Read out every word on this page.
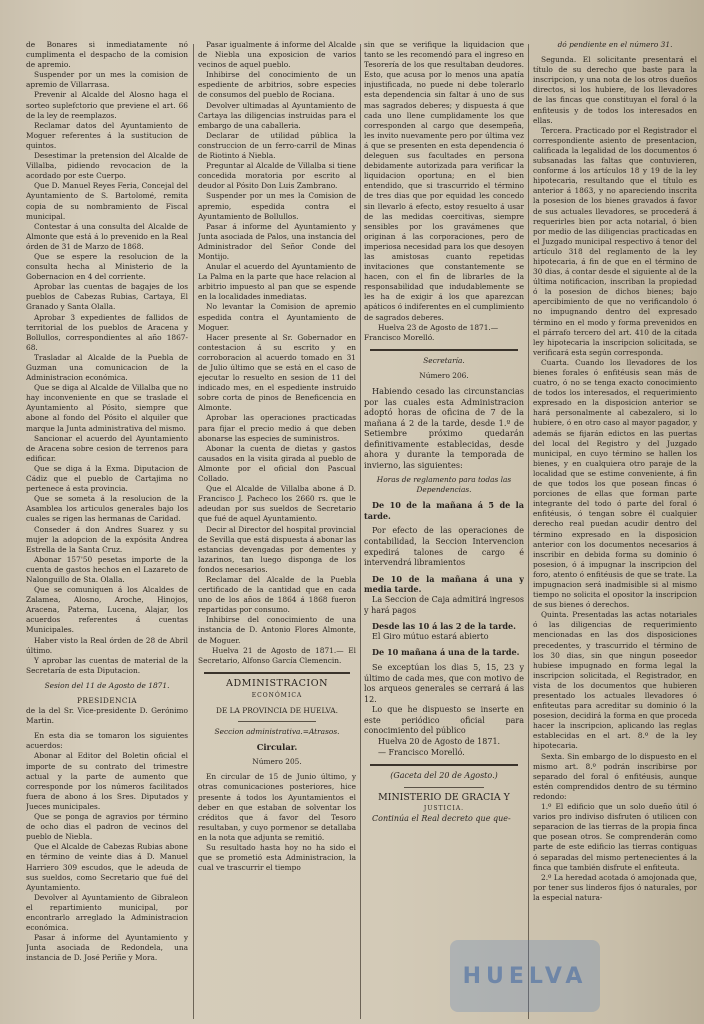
de Bonares si inmediatamente nó cumplimenta el despacho de la comision de apremio.

Suspender por un mes la comision de apremio de Villarrasa.

Prevenir al Alcalde del Alosno haga el sorteo suplefctorio que previene el art. 66 de la ley de reemplazos.

Reclamar datos del Ayuntamiento de Moguer referentes á la sustitucion de quintos.

Desestimar la pretension del Alcalde de Villalba, pidiendo revocacion de la acordado por este Cuerpo.

Que D. Manuel Reyes Feria, Concejal del Ayuntamiento de S. Bartolomé, remita copia de su nombramiento de Fiscal municipal.

Contestar á una consulta del Alcalde de Almonte que está á lo prevenido en la Real órden de 31 de Marzo de 1868.

Que se espere la resolucion de la consulta hecha al Ministerio de la Gobernacion en 4 del corriente.

Aprobar las cuentas de bagajes de los pueblos de Cabezas Rubias, Cartaya, El Granado y Santa Olalla.

Aprobar 3 expedientes de fallidos de territorial de los pueblos de Aracena y Bollullos, correspondientes al año 1867-68.

Trasladar al Alcalde de la Puebla de Guzman una comunicacion de la Administracion económica.

Que se diga al Alcalde de Villalba que no hay inconveniente en que se traslade el Ayuntamiento al Pósito, siempre que abone al fondo del Pósito el alquiler que marque la Junta administrativa del mismo.

Sancionar el acuerdo del Ayuntamiento de Aracena sobre cesion de terrenos para edificar.

Que se diga á la Exma. Diputacion de Cádiz que el pueblo de Cartajima no pertenece á esta provincia.

Que se someta á la resolucion de la Asamblea los articulos generales bajo los cuales se rigen las hermanas de Caridad.

Conseder á don Andres Suarez y su mujer la adopcion de la expósita Andrea Estrella de la Santa Cruz.

Abonar 157'50 pesetas importe de la cuenta de gastos hechos en el Lazareto de Nalonguillo de Sta. Olalla.

Que se comuniquen á los Alcaldes de Zalamea, Alosno, Aroche, Hinojos, Aracena, Paterna, Lucena, Alajar, los acuerdos referentes á cuentas Municipales.

Haber visto la Real órden de 28 de Abril último.

Y aprobar las cuentas de material de la Secretaría de esta Diputacion.

Sesion del 11 de Agosto de 1871.

PRESIDENCIA

de la del Sr. Vice-presidente D. Gerónimo Martin.

En esta dia se tomaron los siguientes acuerdos:

Abonar al Editor del Boletin oficial el importe de su contrato del trimestre actual y la parte de aumento que corresponde por los números facilitados fuera de abono á los Sres. Diputados y Jueces municipales.

Que se ponga de agravios por término de ocho dias el padron de vecinos del pueblo de Niebla.

Que el Alcalde de Cabezas Rubias abone en término de veinte dias á D. Manuel Harriero 309 escudos, que le adeuda de sus sueldos, como Secretario que fué del Ayuntamiento.

Devolver al Ayuntamiento de Gibraleon el repartimiento municipal, por encontrarlo arreglado la Administracion económica.

Pasar á informe del Ayuntamiento y Junta asociada de Redondela, una instancia de D. José Periñe y Mora.

Pasar igualmente á informe del Alcalde de Niebla una exposicion de varios vecinos de aquel pueblo.

Inhibirse del conocimiento de un espediente de arbitrios, sobre especies de consumos del pueblo de Rociana.

Devolver ultimadas al Ayuntamiento de Cartaya las diligencias instruidas para el embargo de una caballeria.

Declarar de utilidad pública la construccion de un ferro-carril de Minas de Riotinto á Niebla.

Preguntar al Alcalde de Villalba si tiene concedida moratoria por escrito al deudor al Pósito Don Luis Zambrano.

Suspender por un mes la Comision de apremio, espedida contra el Ayuntamiento de Bollullos.

Pasar á informe del Ayuntamiento y Junta asociada de Palos, una instancia del Administrador del Señor Conde del Montijo.

Anular el acuerdo del Ayuntamiento de La Palma en la parte que hace relacion al arbitrio impuesto al pan que se espende en la localidades inmediatas.

No levantar la Comision de apremio espedida contra el Ayuntamiento de Moguer.

Hacer presente al Sr. Gobernador en contestacion á su escrito y en corroboracion al acuerdo tomado en 31 de Julio último que se está en el caso de ejecutar lo resuelto en sesion de 11 del indicado mes, en el espediente instruido sobre corta de pinos de Beneficencia en Almonte.

Aprobar las operaciones practicadas para fijar el precio medio á que deben abonarse las especies de suministros.

Abonar la cuenta de dietas y gastos causados en la visita girada al pueblo de Almonte por el oficial don Pascual Collado.

Que el Alcalde de Villalba abone á D. Francisco J. Pacheco los 2660 rs. que le adeudan por sus sueldos de Secretario que fué de aquel Ayuntamiento.

Decir al Director del hospital provincial de Sevilla que está dispuesta á abonar las estancias devengadas por dementes y lazarinos, tan luego disponga de los fondos necesarios.

Reclamar del Alcalde de la Puebla certificado de la cantidad que en cada uno de los años de 1864 á 1868 fueron repartidas por consumo.

Inhibirse del conocimiento de una instancia de D. Antonio Flores Almonte, de Moguer.

Huelva 21 de Agosto de 1871.— El Secretario, Alfonso García Clemencin.

ADMINISTRACION

ECONÓMICA

DE LA PROVINCIA DE HUELVA.

Seccion administrativa.=Atrasos.

Circular.

Número 205.

En circular de 15 de Junio último, y otras comunicaciones posteriores, hice presente á todos los Ayuntamientos el deber en que estaban de solventar los créditos que á favor del Tesoro resultaban, y cuyo pormenor se detallaba en la nota que adjunta se remitió.

Su resultado hasta hoy no ha sido el que se prometió esta Administracion, la cual ve trascurrir el tiempo

sin que se verifique la liquidacion que tanto se les recomendó para el ingreso en Tesorería de los que resultaban deudores. Esto, que acusa por lo menos una apatía injustificada, no puede ni debe tolerarlo esta dependencia sin faltar á uno de sus mas sagrados deberes; y dispuesta á que cada uno llene cumplidamente los que corresponden al cargo que desempeña, les invito nuevamente pero por última vez á que se presenten en esta dependencia ó deleguen sus facultades en persona debidamente autorizada para verificar la liquidacion oportuna; en el bien entendido, que si trascurrido el término de tres dias que por equidad les concedo sin llevarlo á efecto, estoy resuelto á usar de las medidas coercitivas, siempre sensibles por los gravámenes que originan á las corporaciones, pero de imperiosa necesidad para los que desoyen las amistosas cuanto repetidas invitaciones que constantemente se hacen, con el fin de librarles de la responsabilidad que indudablemente se les ha de exigir á los que aparezcan apáticos ó indiferentes en el cumplimiento de sagrados deberes.

Huelva 23 de Agosto de 1871.—

Francisco Morelló.

Secretaría.

Número 206.

Habiendo cesado las circunstancias por las cuales esta Administracion adoptó horas de oficina de 7 de la mañana á 2 de la tarde, desde 1.º de Setiembre próximo quedarán definitivamente establecidas, desde ahora y durante la temporada de invierno, las siguientes:

Horas de reglamento para todas las Dependencias.

De 10 de la mañana á 5 de la tarde.

Por efecto de las operaciones de contabilidad, la Seccion Intervencion expedirá talones de cargo é intervendrá libramientos

De 10 de la mañana á una y media tarde.

La Seccion de Caja admitirá ingresos y hará pagos

Desde las 10 á las 2 de la tarde.

El Giro mútuo estará abierto

De 10 mañana á una de la tarde.

Se exceptúan los dias 5, 15, 23 y último de cada mes, que con motivo de los arqueos generales se cerrará á las 12.

Lo que he dispuesto se inserte en este periódico oficial para conocimiento del público

Huelva 20 de Agosto de 1871.

— Francisco Morelló.

(Gaceta del 20 de Agosto.)

MINISTERIO DE GRACIA Y

JUSTICIA.

Continúa el Real decreto que que-

dó pendiente en el número 31.

Segunda. El solicitante presentará el título de su derecho que baste para la inscripcion, y una nota de los otros dueños directos, si los hubiere, de los llevadores de las fincas que constituyan el foral ó la enfiteusis y de todos los interesados en ellas.

Tercera. Practicado por el Registrador el correspondiente asiento de presentacion, calificada la legalidad de los documentos ó subsanadas las faltas que contuvieren, conforme á los artículos 18 y 19 de la ley hipotecaria, resultando que el título es anterior á 1863, y no apareciendo inscrita la posesion de los bienes gravados á favor de sus actuales llevadores, se procederá á requerirles bien por acta notarial, ó bien por medio de las diligencias practicadas en el Juzgado municipal respectivo á tenor del artículo 318 del reglamento de la ley hipotecaria, á fin de que en el término de 30 dias, á contar desde el siguiente al de la última notificacion, inscriban la propiedad ó la posesion de dichos bienes; bajo apercibimiento de que no verificandolo ó no impugnando dentro del expresado término en el modo y forma prevenidos en el párrafo tercero del art. 410 de la citada ley hipotecaria la inscripcion solicitada, se verificará esta según corresponda.

Cuarta. Cuando los llevadores de los bienes forales ó enfitéusis sean más de cuatro, ó no se tenga exacto conocimiento de todos los interesados, el requerimiento expresado en la disposicion anterior se hará personalmente al cabezalero, si lo hubiere, ó en otro caso al mayor pagador, y además se fijarán edictos en las puertas del local del Registro y del Juzgado municipal, en cuyo término se hallen los bienes, y en cualquiera otro paraje de la localidad que se estime conveniente, á fin de que todos los que posean fincas ó porciones de ellas que forman parte integrante del todo ó parte del foral ó enfitéusis, ó tengan sobre él cualquier derecho real puedan acudir dentro del término expresado en la disposicion anterior con los documentos necesarios á inscribir en debida forma su dominio ó posesion, ó á impugnar la inscripcion del foro, atento ó enfitéusis de que se trate. La impugnacion será inadmisible si al mismo tiempo no solicita el opositor la inscripcion de sus bienes ó derechos.

Quinta. Presentadas las actas notariales ó las diligencias de requerimiento mencionadas en las dos disposiciones precedentes, y trascurrido el término de los 30 dias, sin que ningun poseedor hubiese impugnado en forma legal la inscripcion solicitada, el Registrador, en vista de los documentos que hubieren presentado los actuales llevadores ó enfiteutas para acreditar su dominio ó la posesion, decidirá la forma en que proceda hacer la inscripcion, aplicando las reglas establecidas en el art. 8.º de la ley hipotecaria.

Sexta. Sin embargo de lo dispuesto en el mismo art. 8.º podrán inscribirse por separado del foral ó enfitéusis, aunque estén comprendidos dentro de su término redondo:

1.º El edificio que un solo dueño útil ó varios pro indiviso disfruten ó utilicen con separacion de las tierras de la propia finca que posean otros. Se comprenderán como parte de este edificio las tierras contiguas ó separadas del mismo pertenecientes á la finca que también disfrute el enfiteuta.

2.º La heredad acotada ó amojonada que, por tener sus linderos fijos ó naturales, por la especial natura-

HUELVA
